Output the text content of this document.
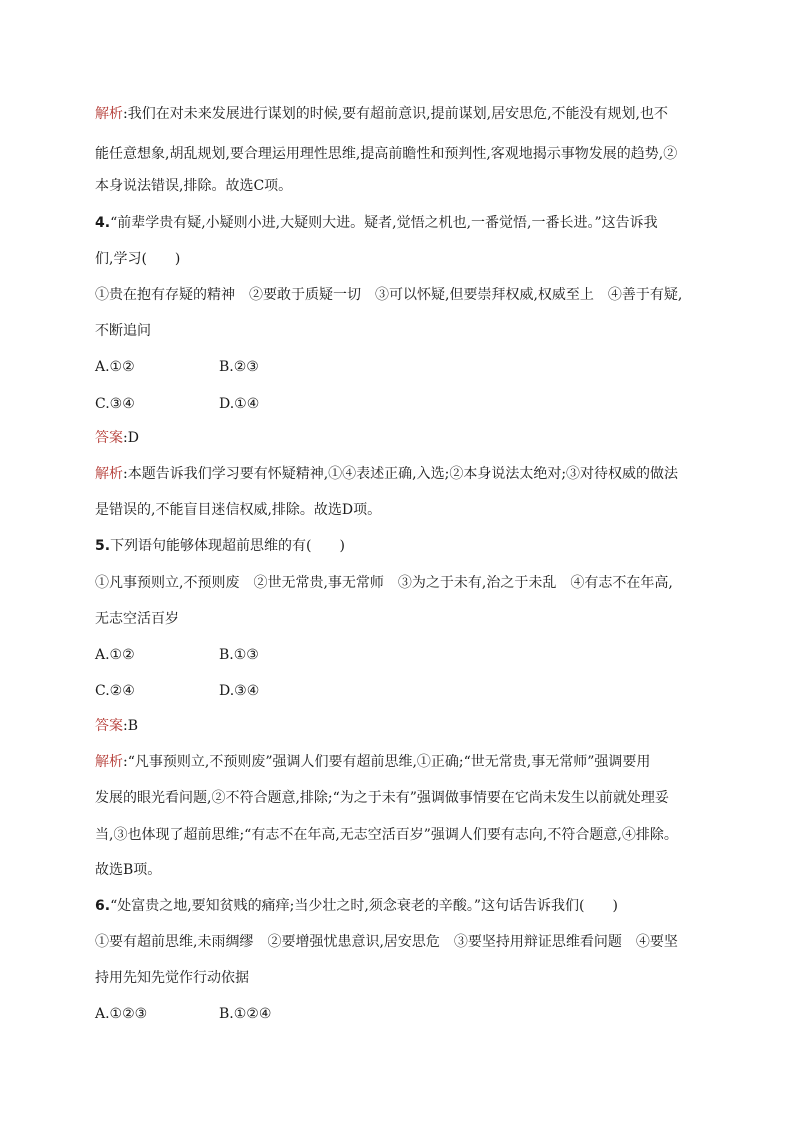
解析:我们在对未来发展进行谋划的时候,要有超前意识,提前谋划,居安思危,不能没有规划,也不
能任意想象,胡乱规划,要合理运用理性思维,提高前瞻性和预判性,客观地揭示事物发展的趋势,②
本身说法错误,排除。故选C项。
4.“前辈学贵有疑,小疑则小进,大疑则大进。疑者,觉悟之机也,一番觉悟,一番长进。”这告诉我
们,学习(　　)
①贵在抱有存疑的精神　②要敢于质疑一切　③可以怀疑,但要崇拜权威,权威至上　④善于有疑,
不断追问
A.①②	B.②③
C.③④	D.①④
答案:D
解析:本题告诉我们学习要有怀疑精神,①④表述正确,入选;②本身说法太绝对;③对待权威的做法
是错误的,不能盲目迷信权威,排除。故选D项。
5.下列语句能够体现超前思维的有(　　)
①凡事预则立,不预则废　②世无常贵,事无常师　③为之于未有,治之于未乱　④有志不在年高,
无志空活百岁
A.①②	B.①③
C.②④	D.③④
答案:B
解析:“凡事预则立,不预则废”强调人们要有超前思维,①正确;“世无常贵,事无常师”强调要用
发展的眼光看问题,②不符合题意,排除;“为之于未有”强调做事情要在它尚未发生以前就处理妥
当,③也体现了超前思维;“有志不在年高,无志空活百岁”强调人们要有志向,不符合题意,④排除。
故选B项。
6.“处富贵之地,要知贫贱的痛痒;当少壮之时,须念衰老的辛酸。”这句话告诉我们(　　)
①要有超前思维,未雨绸缪　②要增强忧患意识,居安思危　③要坚持用辩证思维看问题　④要坚
持用先知先觉作行动依据
A.①②③	B.①②④
